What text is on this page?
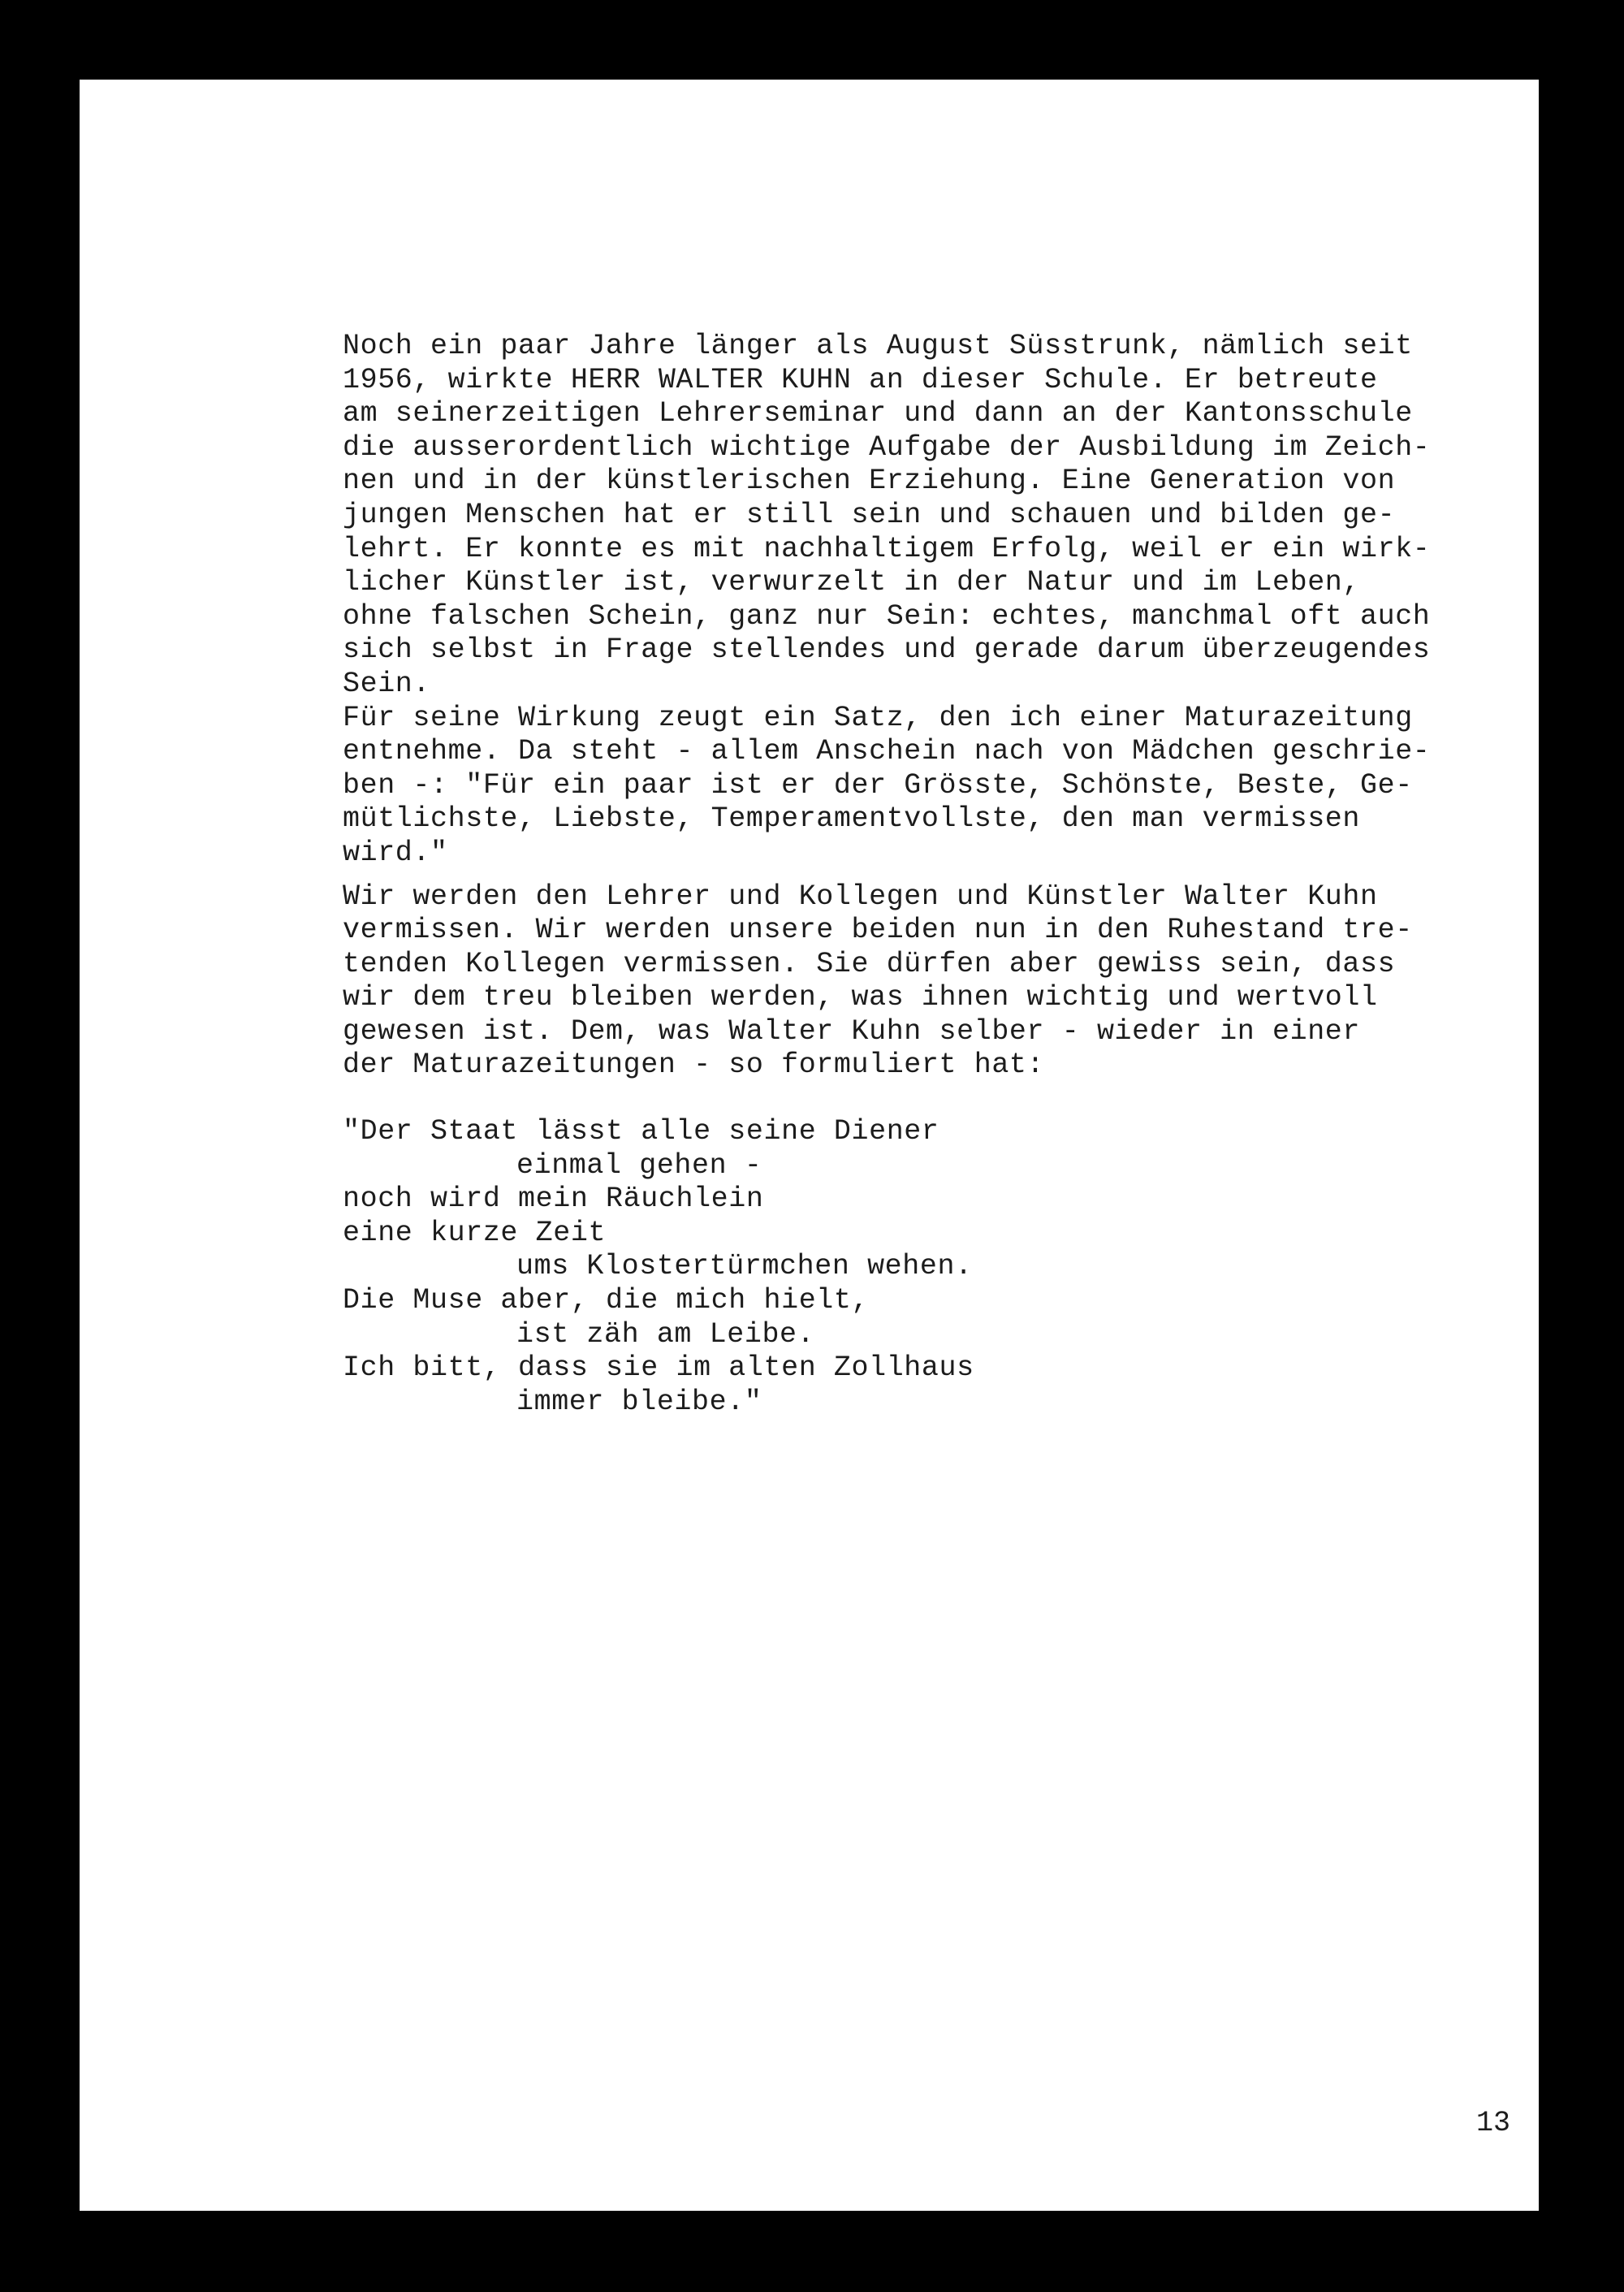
Noch ein paar Jahre länger als August Süsstrunk, nämlich seit
1956, wirkte HERR WALTER KUHN an dieser Schule. Er betreute
am seinerzeitigen Lehrerseminar und dann an der Kantonsschule
die ausserordentlich wichtige Aufgabe der Ausbildung im Zeich-
nen und in der künstlerischen Erziehung. Eine Generation von
jungen Menschen hat er still sein und schauen und bilden ge-
lehrt. Er konnte es mit nachhaltigem Erfolg, weil er ein wirk-
licher Künstler ist, verwurzelt in der Natur und im Leben,
ohne falschen Schein, ganz nur Sein: echtes, manchmal oft auch
sich selbst in Frage stellendes und gerade darum überzeugendes
Sein.
Für seine Wirkung zeugt ein Satz, den ich einer Maturazeitung
entnehme. Da steht - allem Anschein nach von Mädchen geschrie-
ben -: "Für ein paar ist er der Grösste, Schönste, Beste, Ge-
mütlichste, Liebste, Temperamentvollste, den man vermissen
wird."
Wir werden den Lehrer und Kollegen und Künstler Walter Kuhn
vermissen. Wir werden unsere beiden nun in den Ruhestand tre-
tenden Kollegen vermissen. Sie dürfen aber gewiss sein, dass
wir dem treu bleiben werden, was ihnen wichtig und wertvoll
gewesen ist. Dem, was Walter Kuhn selber - wieder in einer
der Maturazeitungen - so formuliert hat:
"Der Staat lässt alle seine Diener
einmal gehen -
noch wird mein Räuchlein
eine kurze Zeit
ums Klostertürmchen wehen.
Die Muse aber, die mich hielt,
ist zäh am Leibe.
Ich bitt, dass sie im alten Zollhaus
immer bleibe."
13
